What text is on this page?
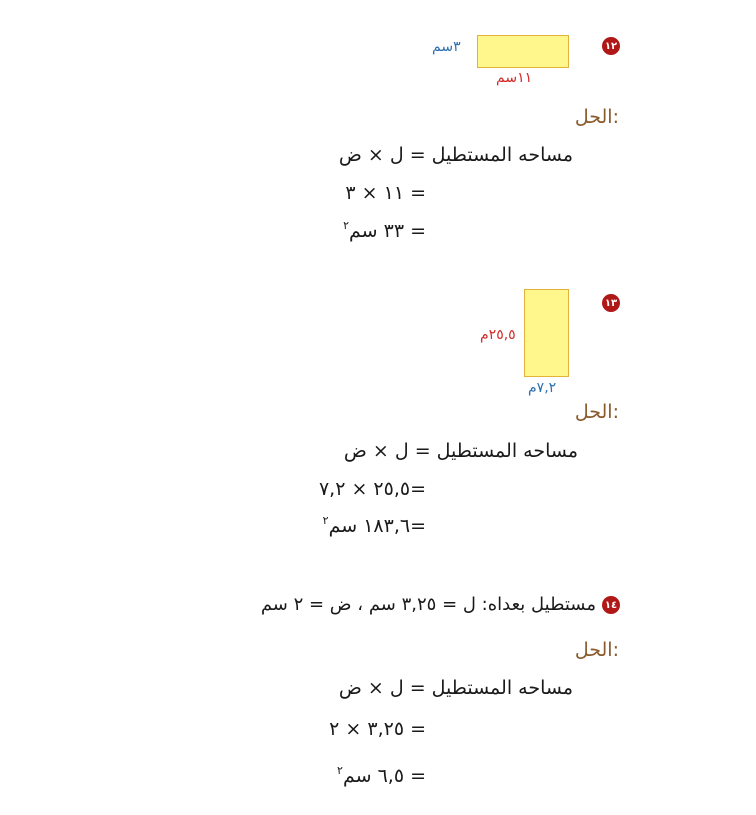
١٢
٣سم
١١سم
الحل:
مساحه المستطيل = ل × ض
= ١١ × ٣
= ٣٣ سم$^٢$
١٣
٢٥,٥م
٧,٢م
الحل:
مساحه المستطيل = ل × ض
=٢٥,٥ × ٧,٢
=١٨٣,٦ سم$^٢$
١٤
مستطيل بعداه: ل = ٣,٢٥ سم ، ض = ٢ سم
الحل:
مساحه المستطيل = ل × ض
= ٣,٢٥ × ٢
= ٦,٥ سم$^٢$
